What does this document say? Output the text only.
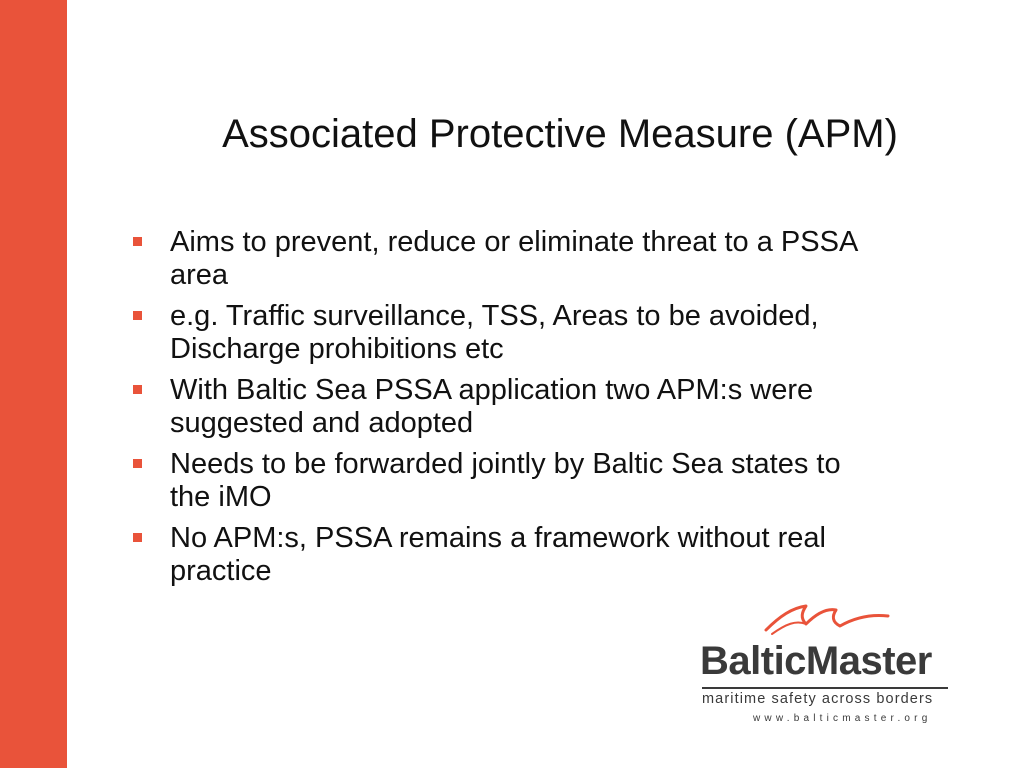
Associated Protective Measure (APM)
Aims to prevent, reduce or eliminate threat to a PSSA
area
e.g. Traffic surveillance, TSS, Areas to be avoided,
Discharge prohibitions etc
With Baltic Sea PSSA application two APM:s were
suggested and adopted
Needs to be forwarded jointly by Baltic Sea states to
the iMO
No APM:s, PSSA remains a framework without real
practice
BalticMaster
maritime safety across borders
www.balticmaster.org
